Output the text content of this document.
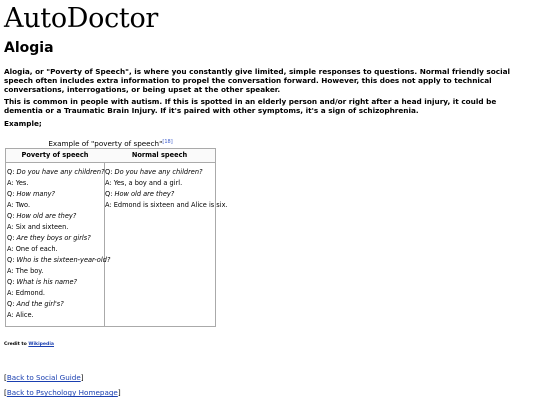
AutoDoctor
Alogia

Alogia, or "Poverty of Speech", is where you constantly give limited, simple responses to questions. Normal friendly social speech often includes extra information to propel the conversation forward. However, this does not apply to technical conversations, interrogations, or being upset at the other speaker.

This is common in people with autism. If this is spotted in an elderly person and/or right after a head injury, it could be dementia or a Traumatic Brain Injury. If it's paired with other symptoms, it's a sign of schizophrenia.

Example;

Example of "poverty of speech"[18]
Poverty of speech
Q: Do you have any children?
A: Yes.
Q: How many?
A: Two.
Q: How old are they?
A: Six and sixteen.
Q: Are they boys or girls?
A: One of each.
Q: Who is the sixteen-year-old?
A: The boy.
Q: What is his name?
A: Edmond.
Q: And the girl's?
A: Alice.
Normal speech
Q: Do you have any children?
A: Yes, a boy and a girl.
Q: How old are they?
A: Edmond is sixteen and Alice is six.
Credit to Wikipedia
[Back to Social Guide]
[Back to Psychology Homepage]
